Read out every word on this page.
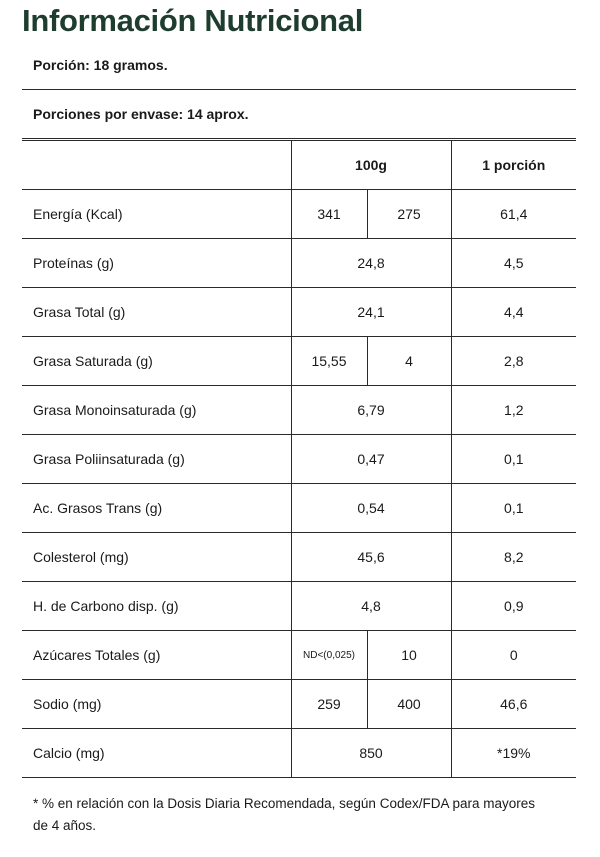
Información Nutricional
Porción: 18 gramos.
Porciones por envase: 14 aprox.
	100g		1 porción
Energía (Kcal)	341	275	61,4
Proteínas (g)	24,8		4,5
Grasa Total (g)	24,1		4,4
Grasa Saturada (g)	15,55	4	2,8
Grasa Monoinsaturada (g)	6,79		1,2
Grasa Poliinsaturada (g)	0,47		0,1
Ac. Grasos Trans (g)	0,54		0,1
Colesterol (mg)	45,6		8,2
H. de Carbono disp. (g)	4,8		0,9
Azúcares Totales (g)	ND<(0,025)	10	0
Sodio (mg)	259	400	46,6
Calcio (mg)	850		*19%
* % en relación con la Dosis Diaria Recomendada, según Codex/FDA para mayores de 4 años.
